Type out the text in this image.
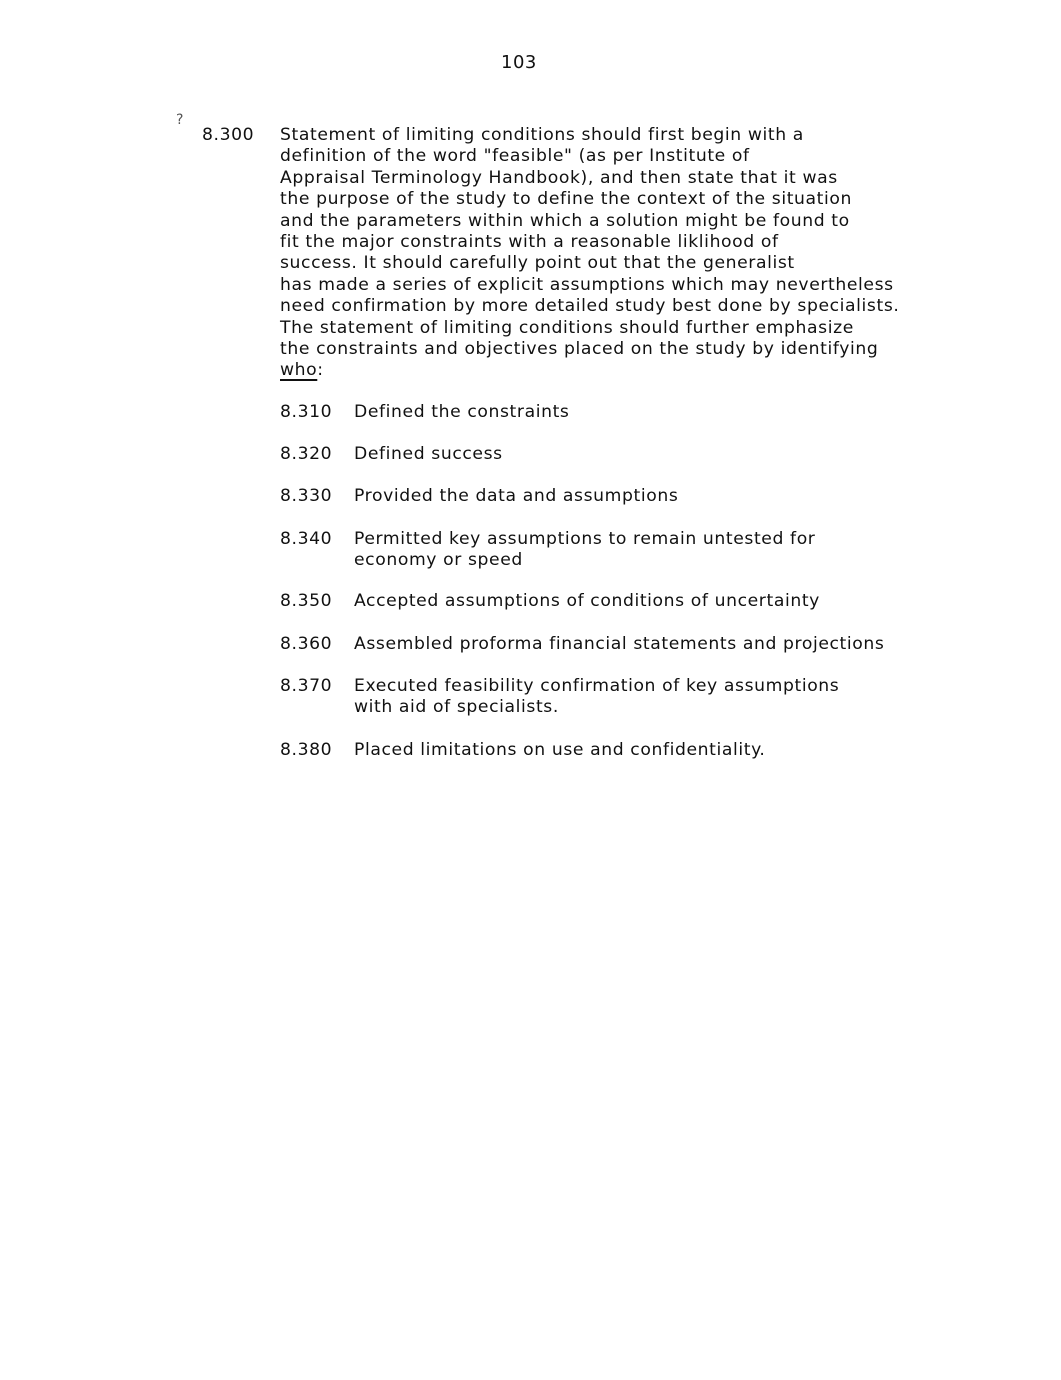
103
?
8.300 Statement of limiting conditions should first begin with a
definition of the word "feasible" (as per Institute of
Appraisal Terminology Handbook), and then state that it was
the purpose of the study to define the context of the situation
and the parameters within which a solution might be found to
fit the major constraints with a reasonable liklihood of
success. It should carefully point out that the generalist
has made a series of explicit assumptions which may nevertheless
need confirmation by more detailed study best done by specialists.
The statement of limiting conditions should further emphasize
the constraints and objectives placed on the study by identifying
who:
8.310 Defined the constraints
8.320 Defined success
8.330 Provided the data and assumptions
8.340 Permitted key assumptions to remain untested for
economy or speed
8.350 Accepted assumptions of conditions of uncertainty
8.360 Assembled proforma financial statements and projections
8.370 Executed feasibility confirmation of key assumptions
with aid of specialists.
8.380 Placed limitations on use and confidentiality.
